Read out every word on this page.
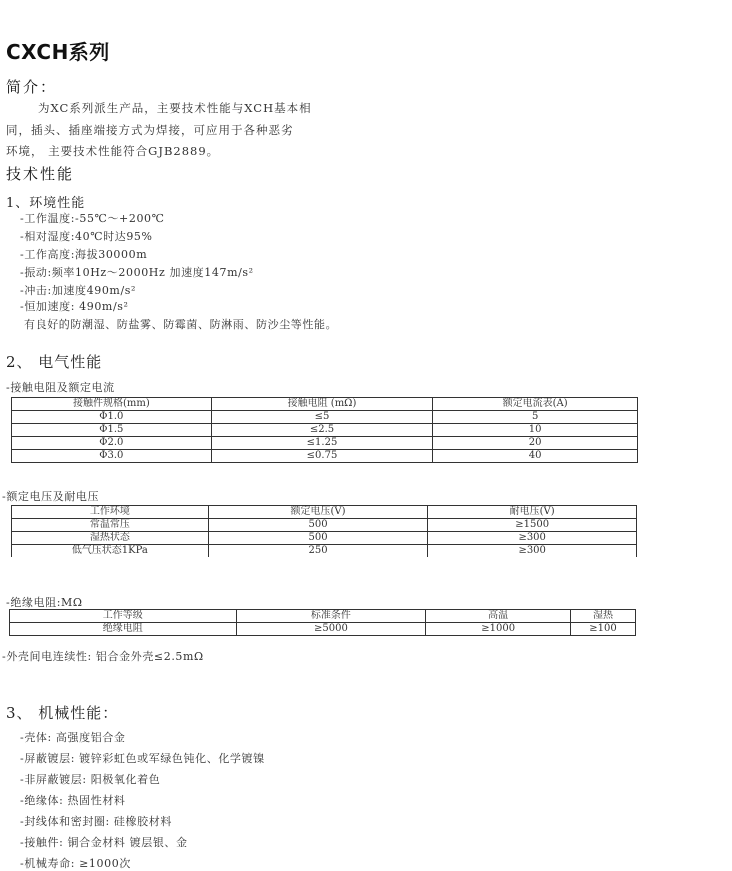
CXCH系列
简介：
为XC系列派生产品，主要技术性能与XCH基本相
同，插头、插座端接方式为焊接，可应用于各种恶劣
环境， 主要技术性能符合GJB2889。
技术性能
1、环境性能
-工作温度:-55℃～+200℃
-相对湿度:40℃时达95%
-工作高度:海拔30000m
-振动:频率10Hz～2000Hz 加速度147m/s²
-冲击:加速度490m/s²
-恒加速度: 490m/s²
有良好的防潮湿、防盐雾、防霉菌、防淋雨、防沙尘等性能。
2、 电气性能
-接触电阻及额定电流
接触件规格(mm)	接触电阻 (mΩ)	额定电流表(A)
Φ1.0	≤5	5
Φ1.5	≤2.5	10
Φ2.0	≤1.25	20
Φ3.0	≤0.75	40
-额定电压及耐电压
工作环境	额定电压(V)	耐电压(V)
常温常压	500	≥1500
湿热状态	500	≥300
低气压状态1KPa	250	≥300
-绝缘电阻:MΩ
工作等级	标准条件	高温	湿热
绝缘电阻	≥5000	≥1000	≥100
-外壳间电连续性: 铝合金外壳≤2.5mΩ
3、 机械性能：
-壳体: 高强度铝合金
-屏蔽镀层: 镀锌彩虹色或军绿色钝化、化学镀镍
-非屏蔽镀层: 阳极氧化着色
-绝缘体: 热固性材料
-封线体和密封圈: 硅橡胶材料
-接触件: 铜合金材料 镀层银、金
-机械寿命: ≥1000次
